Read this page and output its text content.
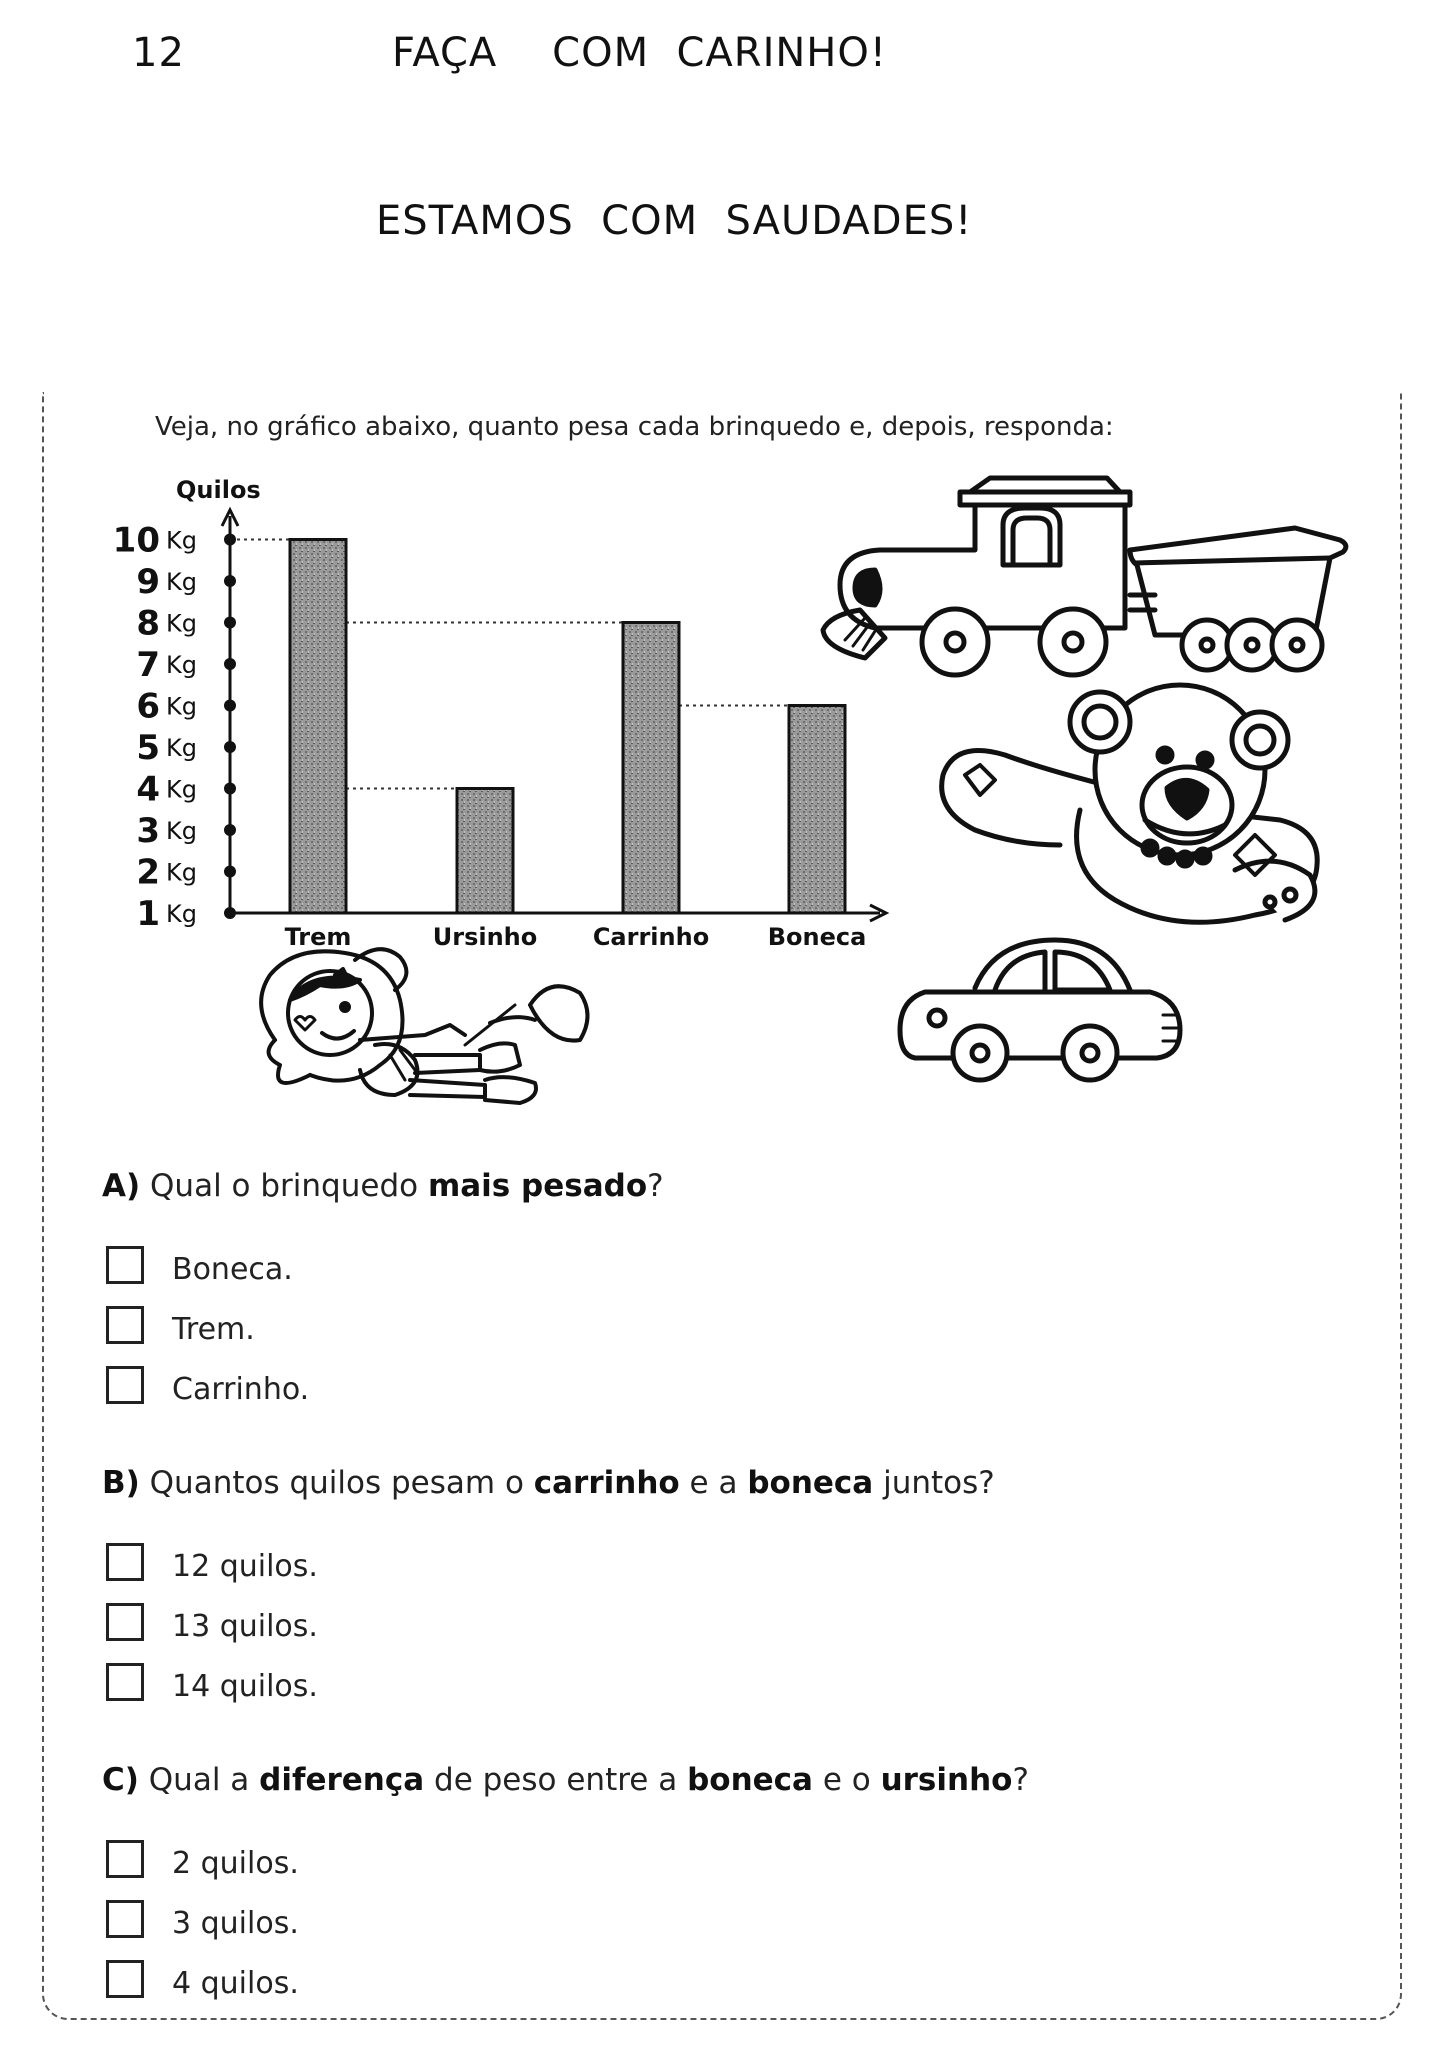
12	FAÇA    COM  CARINHO!
ESTAMOS  COM  SAUDADES!
Veja, no gráfico abaixo, quanto pesa cada brinquedo e, depois, responda:
Quilos
1 Kg
2 Kg
3 Kg
4 Kg
5 Kg
6 Kg
7 Kg
8 Kg
9 Kg
10 Kg
Trem	Ursinho Carrinho Boneca
A) Qual o brinquedo mais pesado?
Boneca.
Trem.
Carrinho.
B) Quantos quilos pesam o carrinho e a boneca juntos?
12 quilos.
13 quilos.
14 quilos.
C) Qual a diferença de peso entre a boneca e o ursinho?
2 quilos.
3 quilos.
4 quilos.
